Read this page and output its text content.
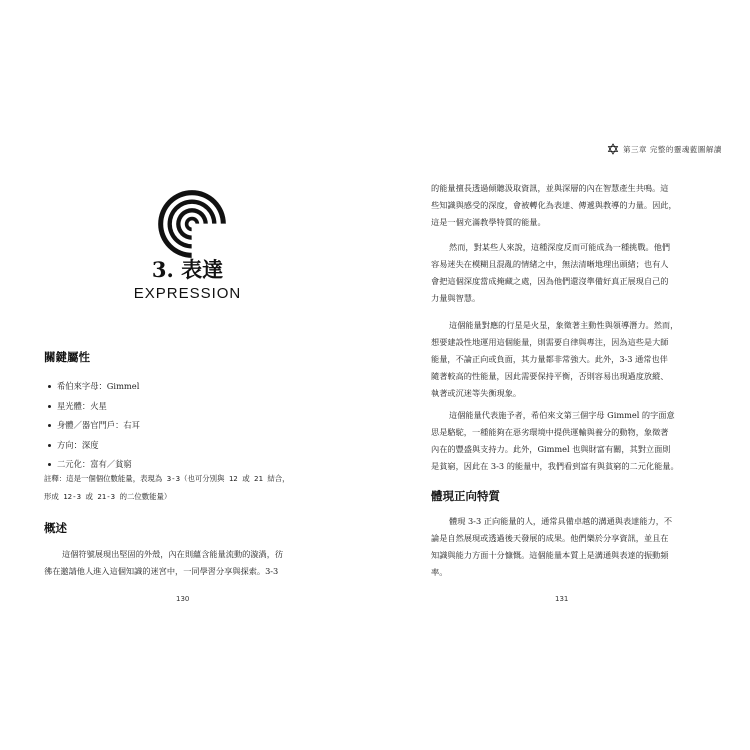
3. 表達
EXPRESSION
關鍵屬性
希伯來字母：Gimmel
星光體：火星
身體／器官門戶：右耳
方向：深度
二元化：富有／貧窮
註釋：這是一個個位數能量，表現為 3-3（也可分別與 12 或 21 結合，
形成 12-3 或 21-3 的二位數能量）
概述

這個符號展現出堅固的外殼，內在則蘊含能量流動的漩渦，彷

彿在邀請他人進入這個知識的迷宮中，一同學習分享與探索。3-3

130
第三章 完整的靈魂藍圖解讀

的能量擅長透過傾聽汲取資訊，並與深層的內在智慧產生共鳴。這

些知識與感受的深度，會被轉化為表達、傳遞與教導的力量。因此，

這是一個充滿教學特質的能量。

然而，對某些人來說，這種深度反而可能成為一種挑戰。他們

容易迷失在模糊且混亂的情緒之中，無法清晰地理出頭緒；也有人

會把這個深度當成掩藏之處，因為他們還沒準備好真正展現自己的

力量與智慧。

這個能量對應的行星是火星，象徵著主動性與領導潛力。然而，

想要建設性地運用這個能量，則需要自律與專注，因為這些是大師

能量，不論正向或負面，其力量都非常強大。此外，3-3 通常也伴

隨著較高的性能量，因此需要保持平衡，否則容易出現過度放縱、

執著或沉迷等失衡現象。

這個能量代表施予者，希伯來文第三個字母 Gimmel 的字面意

思是駱駝，一種能夠在惡劣環境中提供運輸與養分的動物，象徵著

內在的豐盛與支持力。此外，Gimmel 也與財富有關，其對立面則

是貧窮，因此在 3-3 的能量中，我們看到富有與貧窮的二元化能量。

體現正向特質

體現 3-3 正向能量的人，通常具備卓越的溝通與表達能力，不

論是自然展現或透過後天發展的成果。他們樂於分享資訊，並且在

知識與能力方面十分慷慨。這個能量本質上是溝通與表達的振動頻

率。

131
